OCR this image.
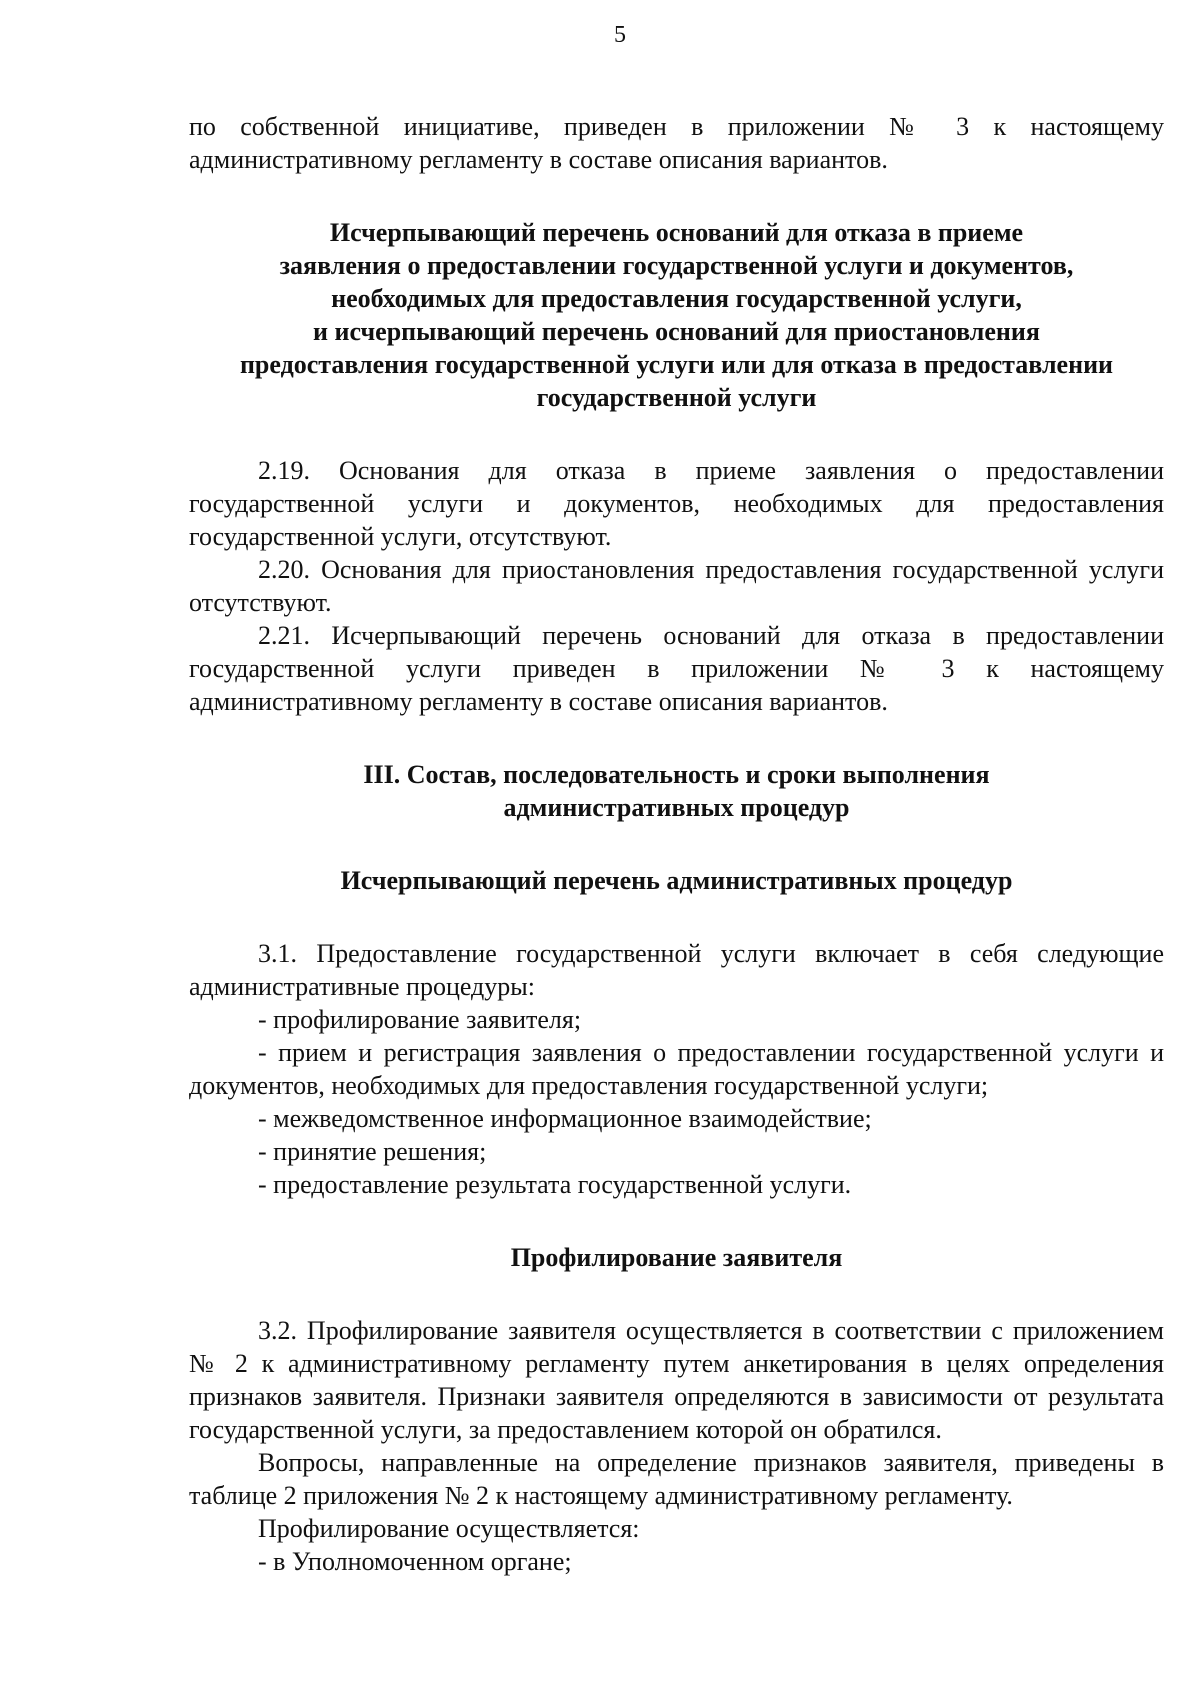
5

по собственной инициативе, приведен в приложении № 3 к настоящему административному регламенту в составе описания вариантов.

Исчерпывающий перечень оснований для отказа в приеме

заявления о предоставлении государственной услуги и документов,

необходимых для предоставления государственной услуги,

и исчерпывающий перечень оснований для приостановления

предоставления государственной услуги или для отказа в предоставлении

государственной услуги

2.19. Основания для отказа в приеме заявления о предоставлении государственной услуги и документов, необходимых для предоставления государственной услуги, отсутствуют.

2.20. Основания для приостановления предоставления государственной услуги отсутствуют.

2.21. Исчерпывающий перечень оснований для отказа в предоставлении государственной услуги приведен в приложении № 3 к настоящему административному регламенту в составе описания вариантов.

III. Состав, последовательность и сроки выполнения

административных процедур

Исчерпывающий перечень административных процедур

3.1. Предоставление государственной услуги включает в себя следующие административные процедуры:

- профилирование заявителя;

- прием и регистрация заявления о предоставлении государственной услуги и документов, необходимых для предоставления государственной услуги;

- межведомственное информационное взаимодействие;

- принятие решения;

- предоставление результата государственной услуги.

Профилирование заявителя

3.2. Профилирование заявителя осуществляется в соответствии с приложением № 2 к административному регламенту путем анкетирования в целях определения признаков заявителя. Признаки заявителя определяются в зависимости от результата государственной услуги, за предоставлением которой он обратился.

Вопросы, направленные на определение признаков заявителя, приведены в таблице 2 приложения № 2 к настоящему административному регламенту.

Профилирование осуществляется:

- в Уполномоченном органе;
